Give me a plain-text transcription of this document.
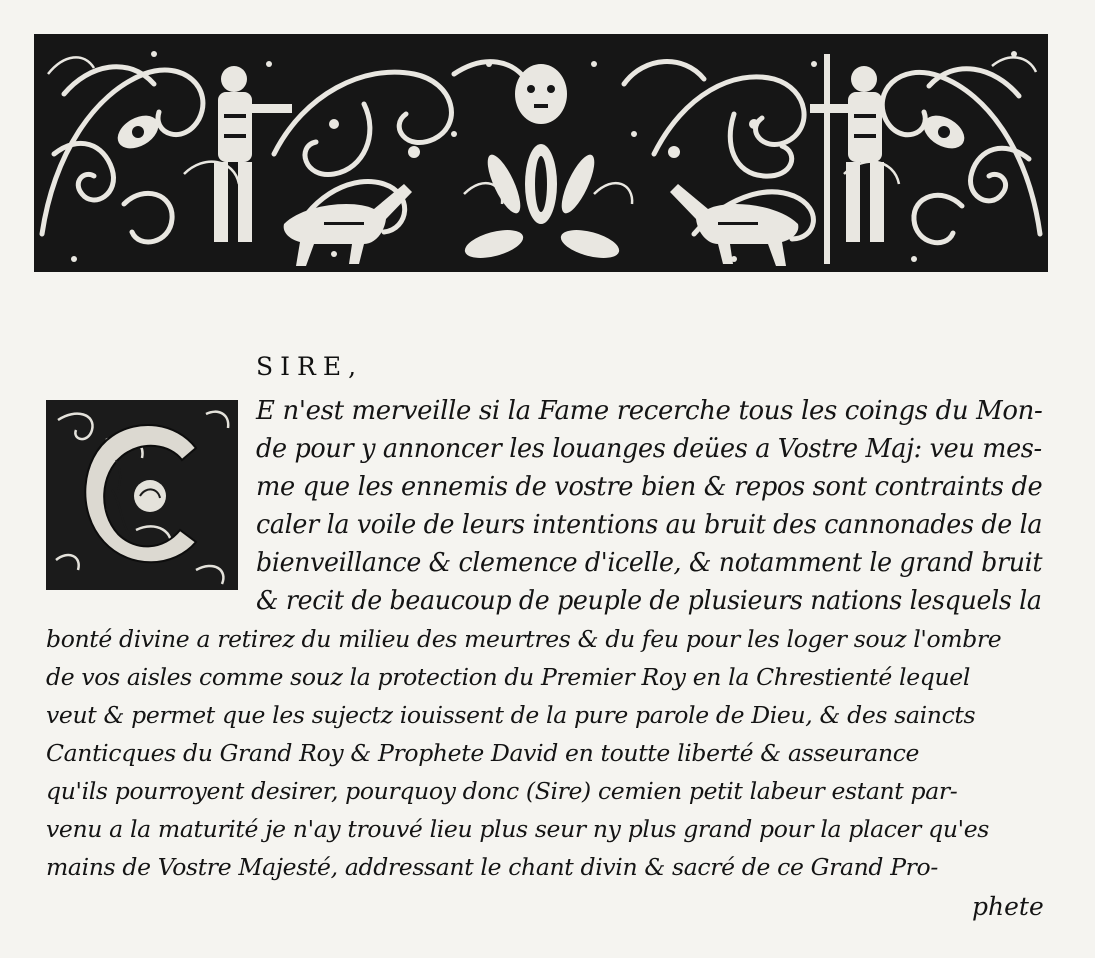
SIRE,
E n'est merveille si la Fame recerche tous les coings du Mon-
de pour y annoncer les louanges deües a Vostre Maj: veu mes-
me que les ennemis de vostre bien & repos sont contraints de
caler la voile de leurs intentions au bruit des cannonades de la
bienveillance & clemence d'icelle, & notamment le grand bruit
& recit de beaucoup de peuple de plusieurs nations lesquels la
bonté divine a retirez du milieu des meurtres & du feu pour les loger souz l'ombre
de vos aisles comme souz la protection du Premier Roy en la Chrestienté lequel
veut & permet que les sujectz iouissent de la pure parole de Dieu, & des saincts
Canticques du Grand Roy & Prophete David en toutte liberté & asseurance
qu'ils pourroyent desirer, pourquoy donc (Sire) cemien petit labeur estant par-
venu a la maturité je n'ay trouvé lieu plus seur ny plus grand pour la placer qu'es
mains de Vostre Majesté, addressant le chant divin & sacré de ce Grand Pro-
phete
